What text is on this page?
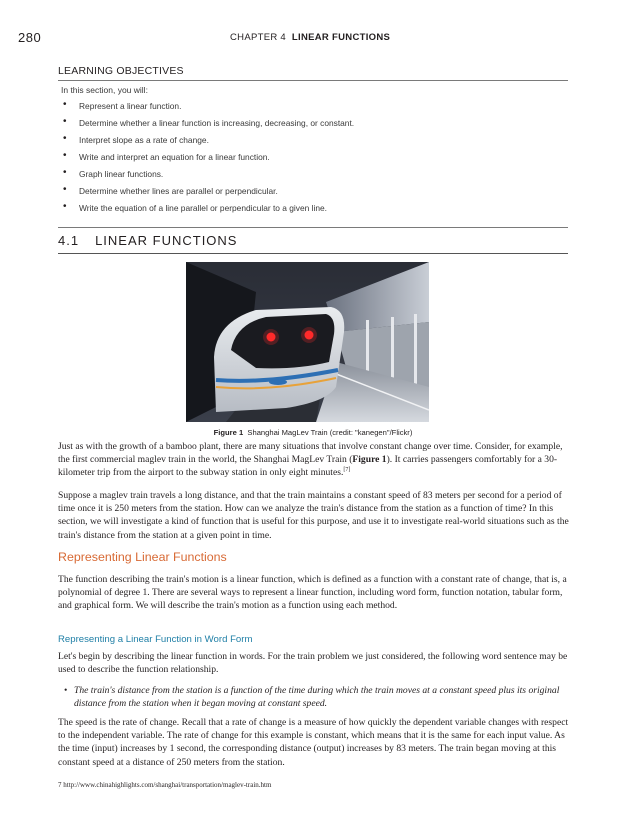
280	CHAPTER 4 LINEAR FUNCTIONS
LEARNING OBJECTIVES
In this section, you will:
• Represent a linear function.
• Determine whether a linear function is increasing, decreasing, or constant.
• Interpret slope as a rate of change.
• Write and interpret an equation for a linear function.
• Graph linear functions.
• Determine whether lines are parallel or perpendicular.
• Write the equation of a line parallel or perpendicular to a given line.
4.1 LINEAR FUNCTIONS
Figure 1 Shanghai MagLev Train (credit: "kanegen"/Flickr)
Just as with the growth of a bamboo plant, there are many situations that involve constant change over time. Consider, for example, the first commercial maglev train in the world, the Shanghai MagLev Train (Figure 1). It carries passengers comfortably for a 30-kilometer trip from the airport to the subway station in only eight minutes.[7]
Suppose a maglev train travels a long distance, and that the train maintains a constant speed of 83 meters per second for a period of time once it is 250 meters from the station. How can we analyze the train's distance from the station as a function of time? In this section, we will investigate a kind of function that is useful for this purpose, and use it to investigate real-world situations such as the train's distance from the station at a given point in time.
Representing Linear Functions
The function describing the train's motion is a linear function, which is defined as a function with a constant rate of change, that is, a polynomial of degree 1. There are several ways to represent a linear function, including word form, function notation, tabular form, and graphical form. We will describe the train's motion as a function using each method.
Representing a Linear Function in Word Form
Let's begin by describing the linear function in words. For the train problem we just considered, the following word sentence may be used to describe the function relationship.
• The train's distance from the station is a function of the time during which the train moves at a constant speed plus its original distance from the station when it began moving at constant speed.
The speed is the rate of change. Recall that a rate of change is a measure of how quickly the dependent variable changes with respect to the independent variable. The rate of change for this example is constant, which means that it is the same for each input value. As the time (input) increases by 1 second, the corresponding distance (output) increases by 83 meters. The train began moving at this constant speed at a distance of 250 meters from the station.
7 http://www.chinahighlights.com/shanghai/transportation/maglev-train.htm
